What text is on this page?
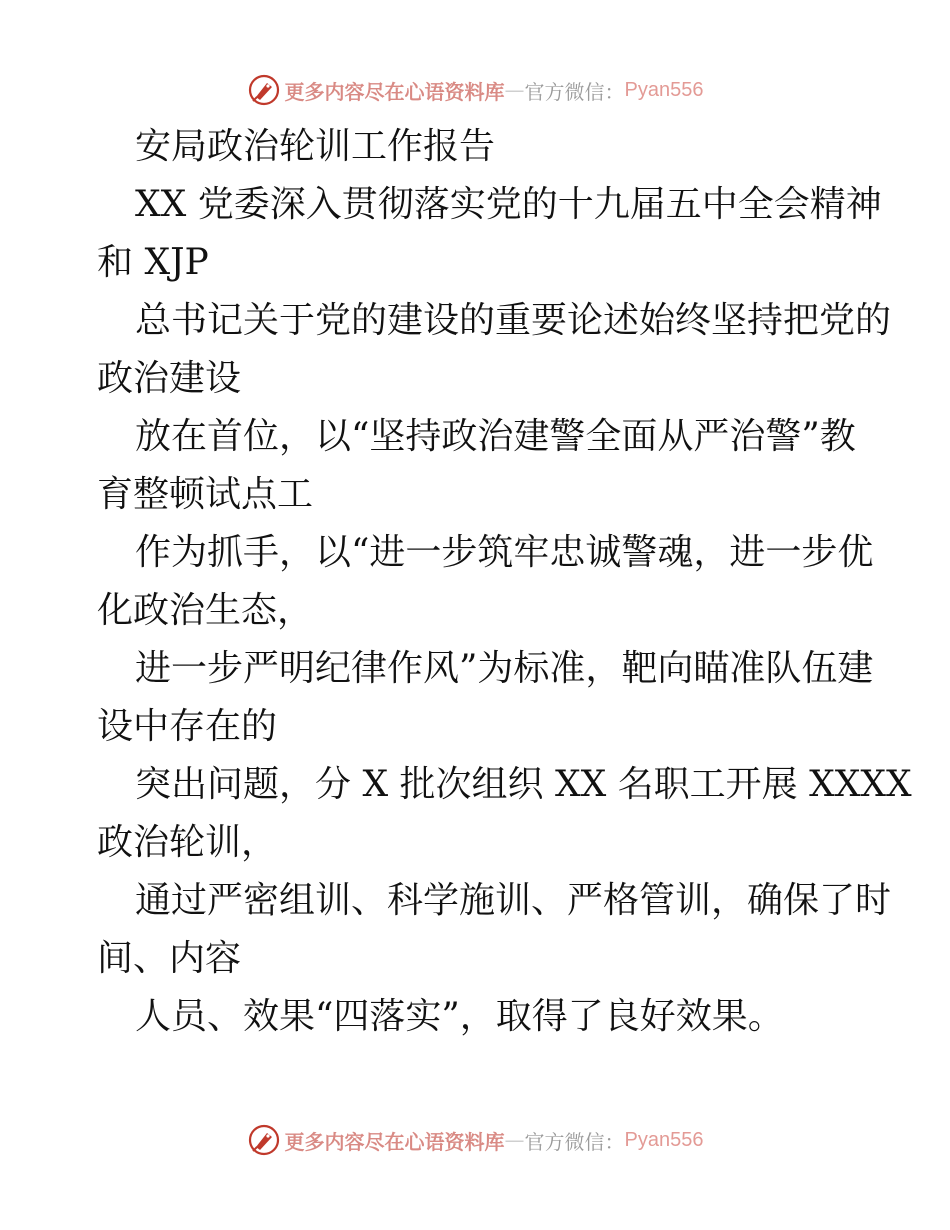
更多内容尽在心语资料库 — 官方微信： Pyan556
安局政治轮训工作报告
XX 党委深入贯彻落实党的十九届五中全会精神
和 XJP
总书记关于党的建设的重要论述始终坚持把党的
政治建设
放在首位，以“坚持政治建警全面从严治警”教
育整顿试点工
作为抓手，以“进一步筑牢忠诚警魂，进一步优
化政治生态，
进一步严明纪律作风”为标准，靶向瞄准队伍建
设中存在的
突出问题，分 X 批次组织 XX 名职工开展 XXXX
政治轮训，
通过严密组训、科学施训、严格管训，确保了时
间、内容
人员、效果“四落实”，取得了良好效果。
更多内容尽在心语资料库 — 官方微信： Pyan556
